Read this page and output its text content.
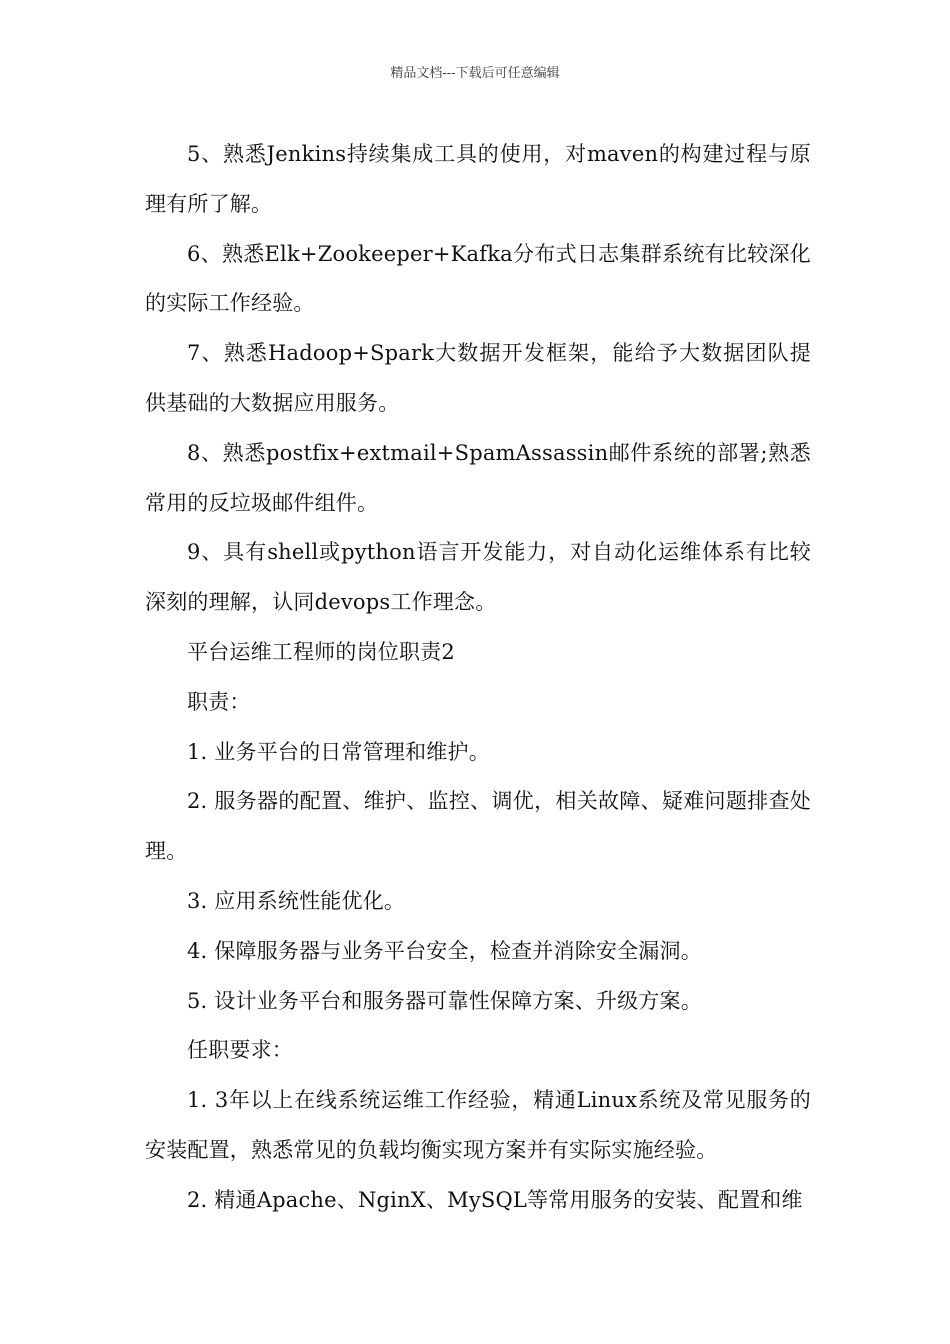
精品文档---下载后可任意编辑

5、熟悉Jenkins持续集成工具的使用，对maven的构建过程与原理有所了解。

6、熟悉Elk+Zookeeper+Kafka分布式日志集群系统有比较深化的实际工作经验。

7、熟悉Hadoop+Spark大数据开发框架，能给予大数据团队提供基础的大数据应用服务。

8、熟悉postfix+extmail+SpamAssassin邮件系统的部署;熟悉常用的反垃圾邮件组件。

9、具有shell或python语言开发能力，对自动化运维体系有比较深刻的理解，认同devops工作理念。

平台运维工程师的岗位职责2

职责：

1. 业务平台的日常管理和维护。

2. 服务器的配置、维护、监控、调优，相关故障、疑难问题排查处理。

3. 应用系统性能优化。

4. 保障服务器与业务平台安全，检查并消除安全漏洞。

5. 设计业务平台和服务器可靠性保障方案、升级方案。

任职要求：

1. 3年以上在线系统运维工作经验，精通Linux系统及常见服务的安装配置，熟悉常见的负载均衡实现方案并有实际实施经验。

2. 精通Apache、NginX、MySQL等常用服务的安装、配置和维
